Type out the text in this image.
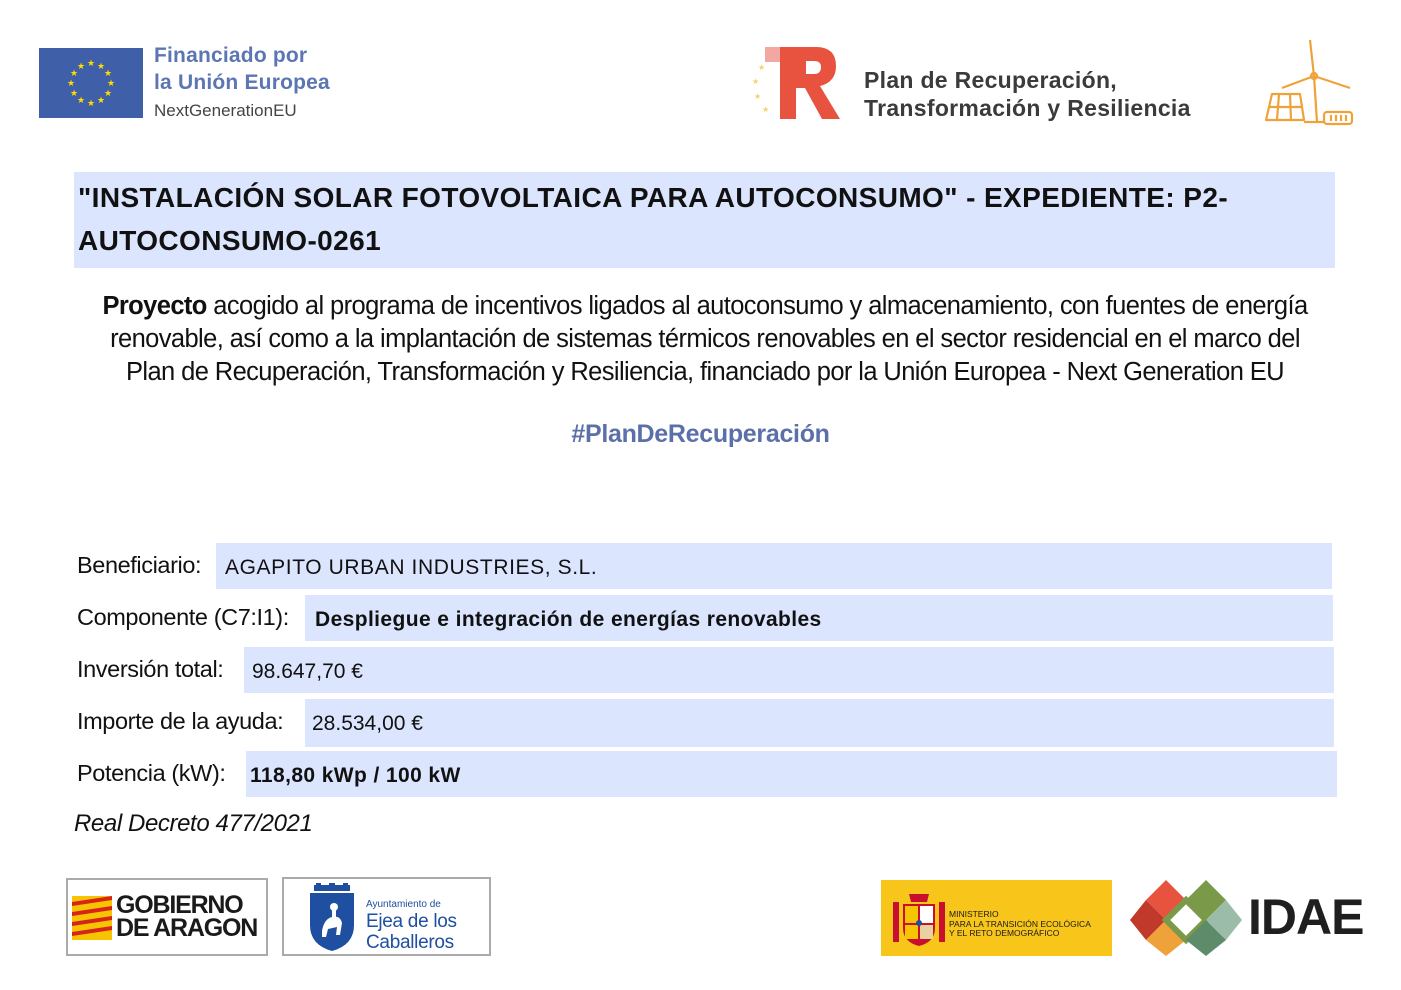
★ ★
★
★
★
★
★
★
★
★
★
★	Financiado por
la Unión Europea
NextGenerationEU
★
★
★
★
Plan de Recuperación,
Transformación y Resiliencia
"INSTALACIÓN SOLAR FOTOVOLTAICA PARA AUTOCONSUMO" - EXPEDIENTE: P2-AUTOCONSUMO-0261
Proyecto acogido al programa de incentivos ligados al autoconsumo y almacenamiento, con fuentes de energía
renovable, así como a la implantación de sistemas térmicos renovables en el sector residencial en el marco del
Plan de Recuperación, Transformación y Resiliencia, financiado por la Unión Europea - Next Generation EU
#PlanDeRecuperación
Beneficiario: AGAPITO URBAN INDUSTRIES, S.L.
Componente (C7:I1): Despliegue e integración de energías renovables
Inversión total: 98.647,70 €
Importe de la ayuda: 28.534,00 €
Potencia (kW): 118,80 kWp / 100 kW
Real Decreto 477/2021
GOBIERNO
DE ARAGON
Ayuntamiento de
Ejea de los
Caballeros
MINISTERIO
PARA LA TRANSICIÓN ECOLÓGICA
Y EL RETO DEMOGRÁFICO	IDAE
